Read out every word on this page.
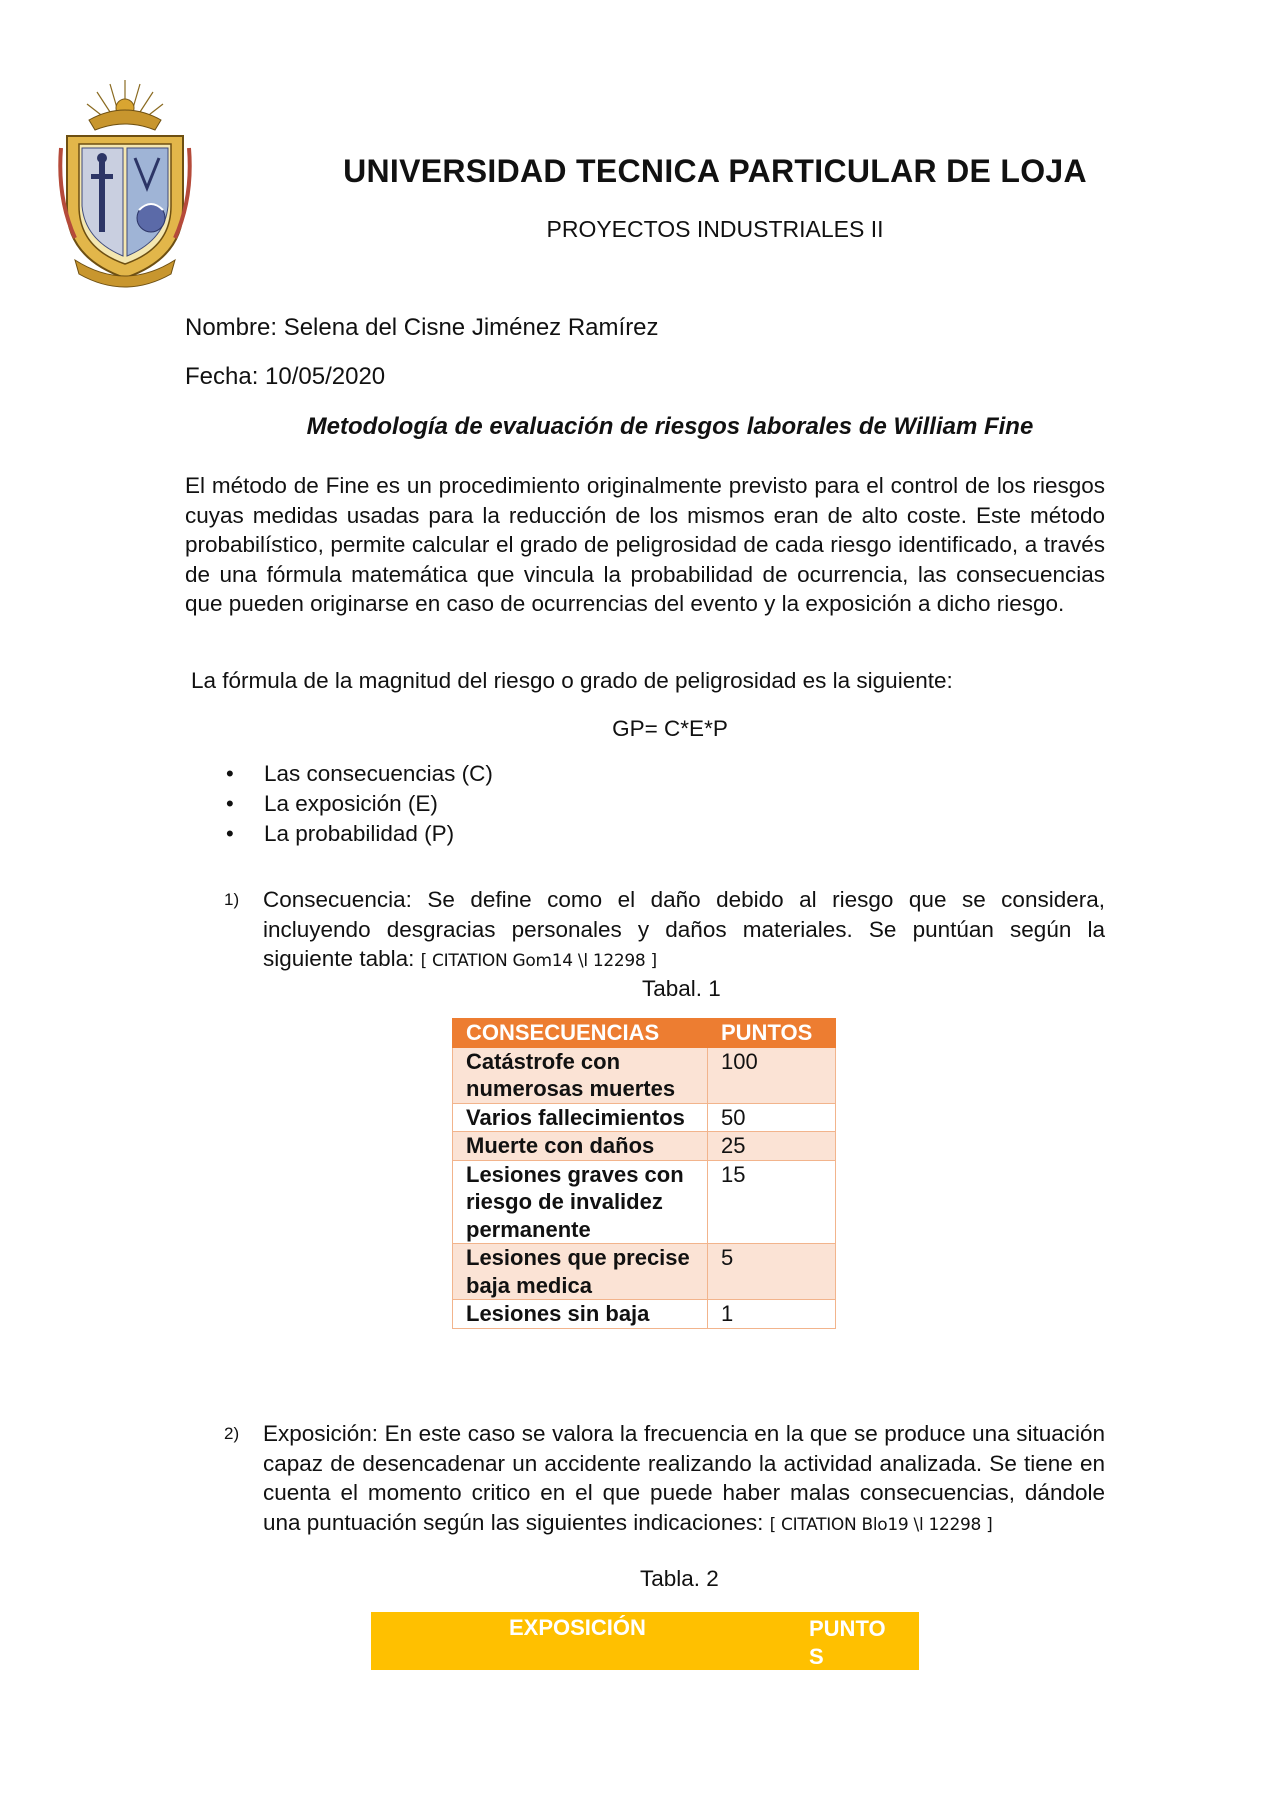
UNIVERSIDAD TECNICA PARTICULAR DE LOJA
PROYECTOS INDUSTRIALES II
Nombre: Selena del Cisne Jiménez Ramírez
Fecha: 10/05/2020
Metodología de evaluación de riesgos laborales de William Fine
El método de Fine es un procedimiento originalmente previsto para el control de los riesgos cuyas medidas usadas para la reducción de los mismos eran de alto coste. Este método probabilístico, permite calcular el grado de peligrosidad de cada riesgo identificado, a través de una fórmula matemática que vincula la probabilidad de ocurrencia, las consecuencias que pueden originarse en caso de ocurrencias del evento y la exposición a dicho riesgo.
La fórmula de la magnitud del riesgo o grado de peligrosidad es la siguiente:
GP= C*E*P
• Las consecuencias (C)
• La exposición (E)
• La probabilidad (P)
1) Consecuencia: Se define como el daño debido al riesgo que se considera, incluyendo desgracias personales y daños materiales. Se puntúan según la siguiente tabla: [ CITATION Gom14 \l 12298 ]
Tabal. 1
CONSECUENCIAS	PUNTOS
Catástrofe con numerosas muertes	100
Varios fallecimientos	50
Muerte con daños	25
Lesiones graves con riesgo de invalidez permanente	15
Lesiones que precise baja medica	5
Lesiones sin baja	1
2) Exposición: En este caso se valora la frecuencia en la que se produce una situación capaz de desencadenar un accidente realizando la actividad analizada. Se tiene en cuenta el momento critico en el que puede haber malas consecuencias, dándole una puntuación según las siguientes indicaciones: [ CITATION Blo19 \l 12298 ]
Tabla. 2
EXPOSICIÓN	PUNTOS
